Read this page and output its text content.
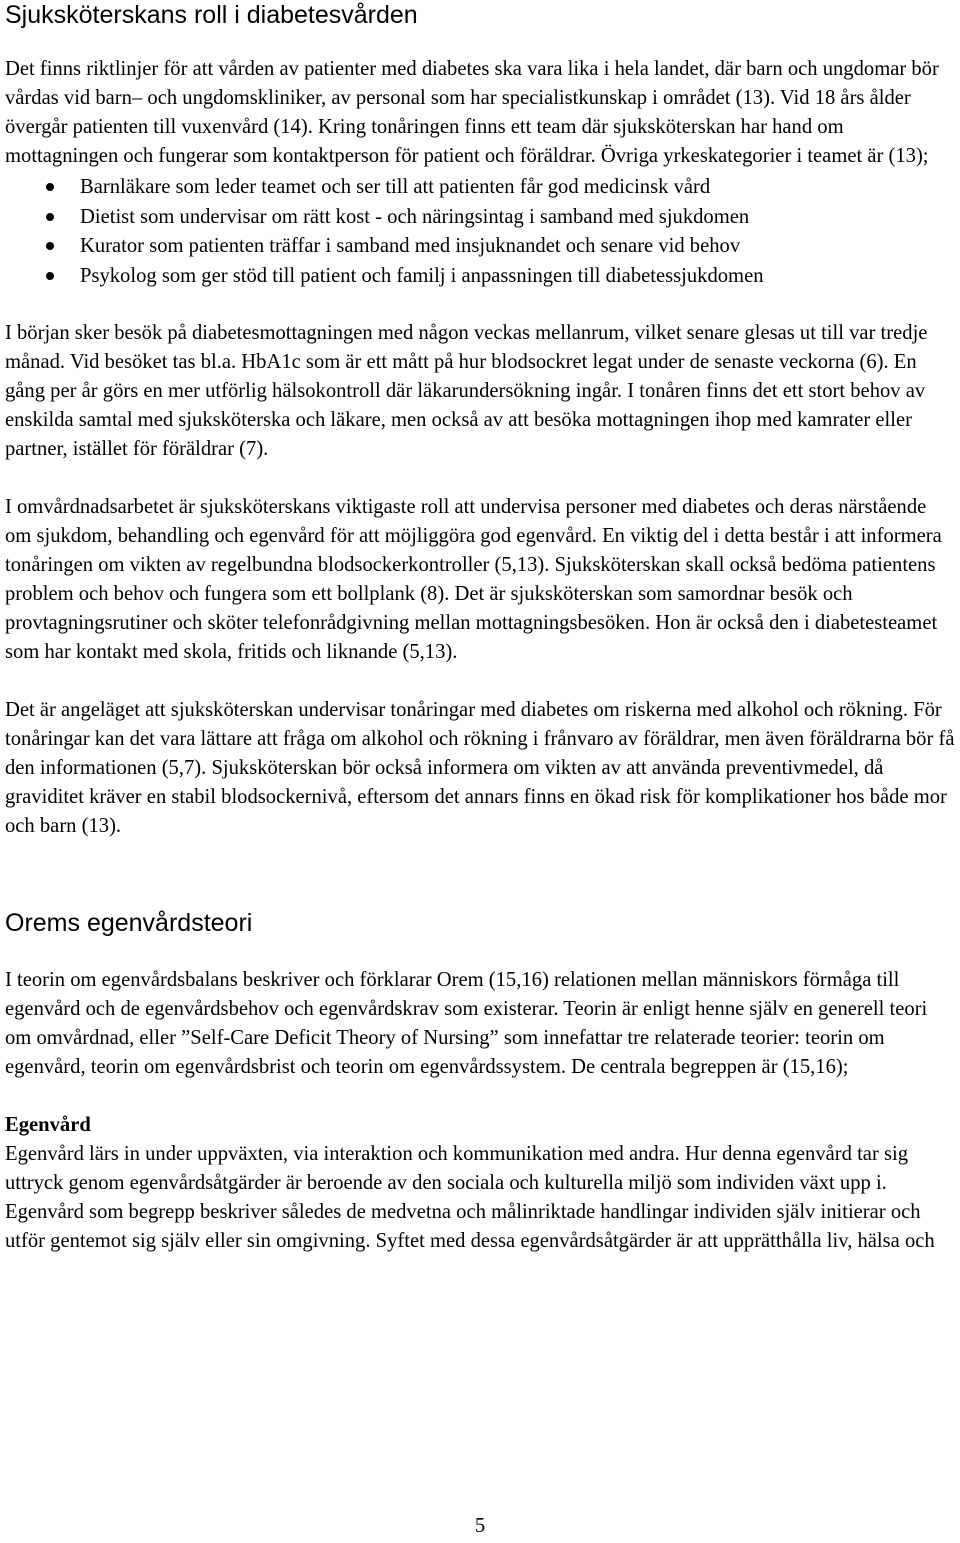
Sjuksköterskans roll i diabetesvården

Det finns riktlinjer för att vården av patienter med diabetes ska vara lika i hela landet, där barn och ungdomar bör vårdas vid barn– och ungdomskliniker, av personal som har specialistkunskap i området (13). Vid 18 års ålder övergår patienten till vuxenvård (14). Kring tonåringen finns ett team där sjuksköterskan har hand om mottagningen och fungerar som kontaktperson för patient och föräldrar. Övriga yrkeskategorier i teamet är (13);

Barnläkare som leder teamet och ser till att patienten får god medicinsk vård
Dietist som undervisar om rätt kost - och näringsintag i samband med sjukdomen
Kurator som patienten träffar i samband med insjuknandet och senare vid behov
Psykolog som ger stöd till patient och familj i anpassningen till diabetessjukdomen

I början sker besök på diabetesmottagningen med någon veckas mellanrum, vilket senare glesas ut till var tredje månad. Vid besöket tas bl.a. HbA1c som är ett mått på hur blodsockret legat under de senaste veckorna (6). En gång per år görs en mer utförlig hälsokontroll där läkarundersökning ingår. I tonåren finns det ett stort behov av enskilda samtal med sjuksköterska och läkare, men också av att besöka mottagningen ihop med kamrater eller partner, istället för föräldrar (7).

I omvårdnadsarbetet är sjuksköterskans viktigaste roll att undervisa personer med diabetes och deras närstående om sjukdom, behandling och egenvård för att möjliggöra god egenvård. En viktig del i detta består i att informera tonåringen om vikten av regelbundna blodsockerkontroller (5,13). Sjuksköterskan skall också bedöma patientens problem och behov och fungera som ett bollplank (8). Det är sjuksköterskan som samordnar besök och provtagningsrutiner och sköter telefonrådgivning mellan mottagningsbesöken. Hon är också den i diabetesteamet som har kontakt med skola, fritids och liknande (5,13).

Det är angeläget att sjuksköterskan undervisar tonåringar med diabetes om riskerna med alkohol och rökning. För tonåringar kan det vara lättare att fråga om alkohol och rökning i frånvaro av föräldrar, men även föräldrarna bör få den informationen (5,7). Sjuksköterskan bör också informera om vikten av att använda preventivmedel, då graviditet kräver en stabil blodsockernivå, eftersom det annars finns en ökad risk för komplikationer hos både mor och barn (13).

Orems egenvårdsteori

I teorin om egenvårdsbalans beskriver och förklarar Orem (15,16) relationen mellan människors förmåga till egenvård och de egenvårdsbehov och egenvårdskrav som existerar. Teorin är enligt henne själv en generell teori om omvårdnad, eller ”Self-Care Deficit Theory of Nursing” som innefattar tre relaterade teorier: teorin om egenvård, teorin om egenvårdsbrist och teorin om egenvårdssystem. De centrala begreppen är (15,16);

Egenvård

Egenvård lärs in under uppväxten, via interaktion och kommunikation med andra. Hur denna egenvård tar sig uttryck genom egenvårdsåtgärder är beroende av den sociala och kulturella miljö som individen växt upp i. Egenvård som begrepp beskriver således de medvetna och målinriktade handlingar individen själv initierar och utför gentemot sig själv eller sin omgivning. Syftet med dessa egenvårdsåtgärder är att upprätthålla liv, hälsa och

5
